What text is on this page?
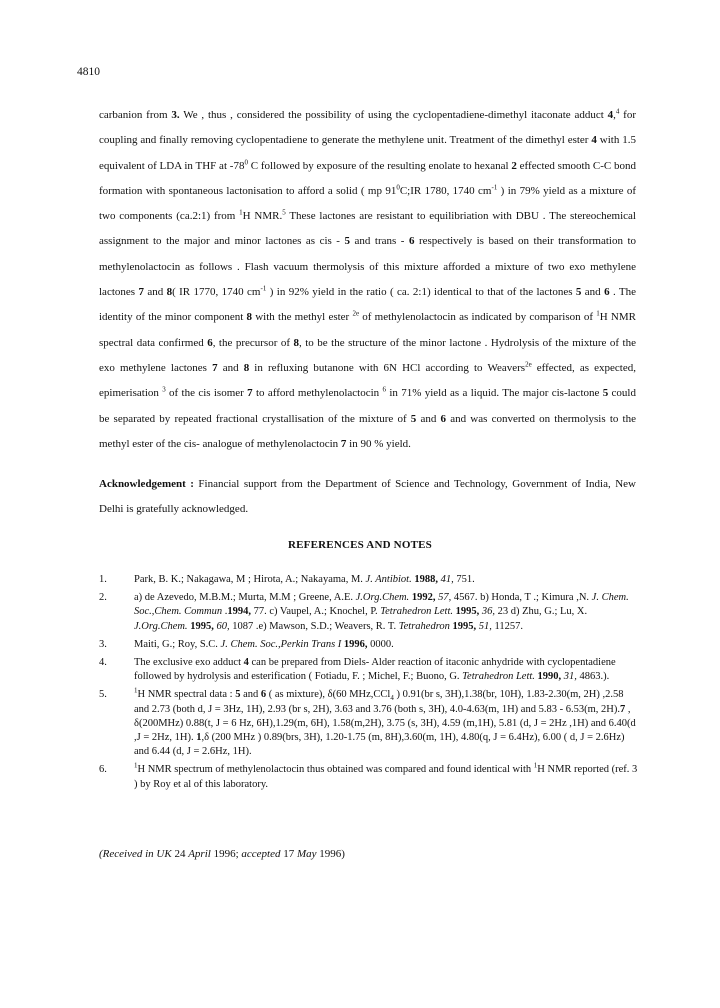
4810

carbanion from 3. We , thus , considered the possibility of using the cyclopentadiene-dimethyl itaconate adduct 4,$^4$ for coupling and finally removing cyclopentadiene to generate the methylene unit. Treatment of the dimethyl ester 4 with 1.5 equivalent of LDA in THF at $-78^0$ C followed by exposure of the resulting enolate to hexanal 2 effected smooth C-C bond formation with spontaneous lactonisation to afford a solid ( mp $91^0C;IR$ 1780, 1740 $cm^{-1}$ ) in 79% yield as a mixture of two components (ca.2:1) from $^1$H NMR.$^5$ These lactones are resistant to equilibriation with DBU . The stereochemical assignment to the major and minor lactones as cis - 5 and trans - 6 respectively is based on their transformation to methylenolactocin as follows . Flash vacuum thermolysis of this mixture afforded a mixture of two exo methylene lactones 7 and 8( IR 1770, 1740 $cm^{-1}$ ) in 92% yield in the ratio ( ca. 2:1) identical to that of the lactones 5 and 6 . The identity of the minor component 8 with the methyl ester $^{2e}$ of methylenolactocin as indicated by comparison of $^1$H NMR spectral data confirmed 6, the precursor of 8, to be the structure of the minor lactone . Hydrolysis of the mixture of the exo methylene lactones 7 and 8 in refluxing butanone with 6N HCl according to Weavers$^{2e}$ effected, as expected, epimerisation $^3$ of the cis isomer 7 to afford methylenolactocin $^6$ in 71% yield as a liquid. The major cis-lactone 5 could be separated by repeated fractional crystallisation of the mixture of 5 and 6 and was converted on thermolysis to the methyl ester of the cis- analogue of methylenolactocin 7 in 90 % yield.

Acknowledgement : Financial support from the Department of Science and Technology, Government of India, New Delhi is gratefully acknowledged.

REFERENCES AND NOTES
1.	Park, B. K.; Nakagawa, M ; Hirota, A.; Nakayama, M. J. Antibiot. 1988, 41, 751.
2.	a) de Azevedo, M.B.M.; Murta, M.M ; Greene, A.E. J.Org.Chem. 1992, 57, 4567. b) Honda, T .; Kimura ,N. J. Chem. Soc.,Chem. Commun .1994, 77. c) Vaupel, A.; Knochel, P. Tetrahedron Lett. 1995, 36, 23 d) Zhu, G.; Lu, X. J.Org.Chem. 1995, 60, 1087 .e) Mawson, S.D.; Weavers, R. T. Tetrahedron 1995, 51, 11257.
3.	Maiti, G.; Roy, S.C. J. Chem. Soc.,Perkin Trans I 1996, 0000.
4.	The exclusive exo adduct 4 can be prepared from Diels- Alder reaction of itaconic anhydride with cyclopentadiene followed by hydrolysis and esterification ( Fotiadu, F. ; Michel, F.; Buono, G. Tetrahedron Lett. 1990, 31, 4863.).
5.	$^1$H NMR spectral data : 5 and 6 ( as mixture), δ(60 MHz,CCl$_4$ ) 0.91(br s, 3H),1.38(br, 10H), 1.83-2.30(m, 2H) ,2.58 and 2.73 (both d, J = 3Hz, 1H), 2.93 (br s, 2H), 3.63 and 3.76 (both s, 3H), 4.0-4.63(m, 1H) and 5.83 - 6.53(m, 2H).7 , δ(200MHz) 0.88(t, J = 6 Hz, 6H),1.29(m, 6H), 1.58(m,2H), 3.75 (s, 3H), 4.59 (m,1H), 5.81 (d, J = 2Hz ,1H) and 6.40(d ,J = 2Hz, 1H). 1,δ (200 MHz ) 0.89(brs, 3H), 1.20-1.75 (m, 8H),3.60(m, 1H), 4.80(q, J = 6.4Hz), 6.00 ( d, J = 2.6Hz) and 6.44 (d, J = 2.6Hz, 1H).
6.	$^1$H NMR spectrum of methylenolactocin thus obtained was compared and found identical with $^1$H NMR reported (ref. 3 ) by Roy et al of this laboratory.
(Received in UK 24 April 1996; accepted 17 May 1996)
